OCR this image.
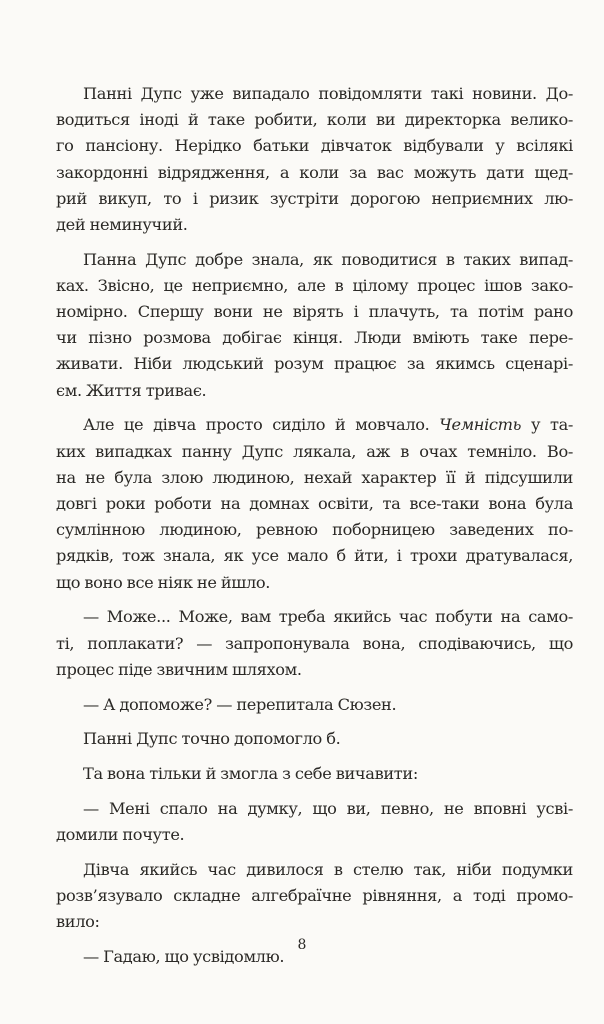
Панні Дупс уже випадало повідомляти такі новини. До-
водиться іноді й таке робити, коли ви директорка велико-
го пансіону. Нерідко батьки дівчаток відбували у всілякі
закордонні відрядження, а коли за вас можуть дати щед-
рий викуп, то і ризик зустріти дорогою неприємних лю-
дей неминучий.
Панна Дупс добре знала, як поводитися в таких випад-
ках. Звісно, це неприємно, але в цілому процес ішов зако-
номірно. Спершу вони не вірять і плачуть, та потім рано
чи пізно розмова добігає кінця. Люди вміють таке пере-
живати. Ніби людський розум працює за якимсь сценарі-
єм. Життя триває.
Але це дівча просто сиділо й мовчало. Чемність у та-
ких випадках панну Дупс лякала, аж в очах темніло. Во-
на не була злою людиною, нехай характер її й підсушили
довгі роки роботи на домнах освіти, та все-таки вона була
сумлінною людиною, ревною поборницею заведених по-
рядків, тож знала, як усе мало б йти, і трохи дратувалася,
що воно все ніяк не йшло.
— Може... Може, вам треба якийсь час побути на само-
ті, поплакати? — запропонувала вона, сподіваючись, що
процес піде звичним шляхом.
— А допоможе? — перепитала Сюзен.
Панні Дупс точно допомогло б.
Та вона тільки й змогла з себе вичавити:
— Мені спало на думку, що ви, певно, не вповні усві-
домили почуте.
Дівча якийсь час дивилося в стелю так, ніби подумки
розв’язувало складне алгебраїчне рівняння, а тоді промо-
вило:
— Гадаю, що усвідомлю.
8
